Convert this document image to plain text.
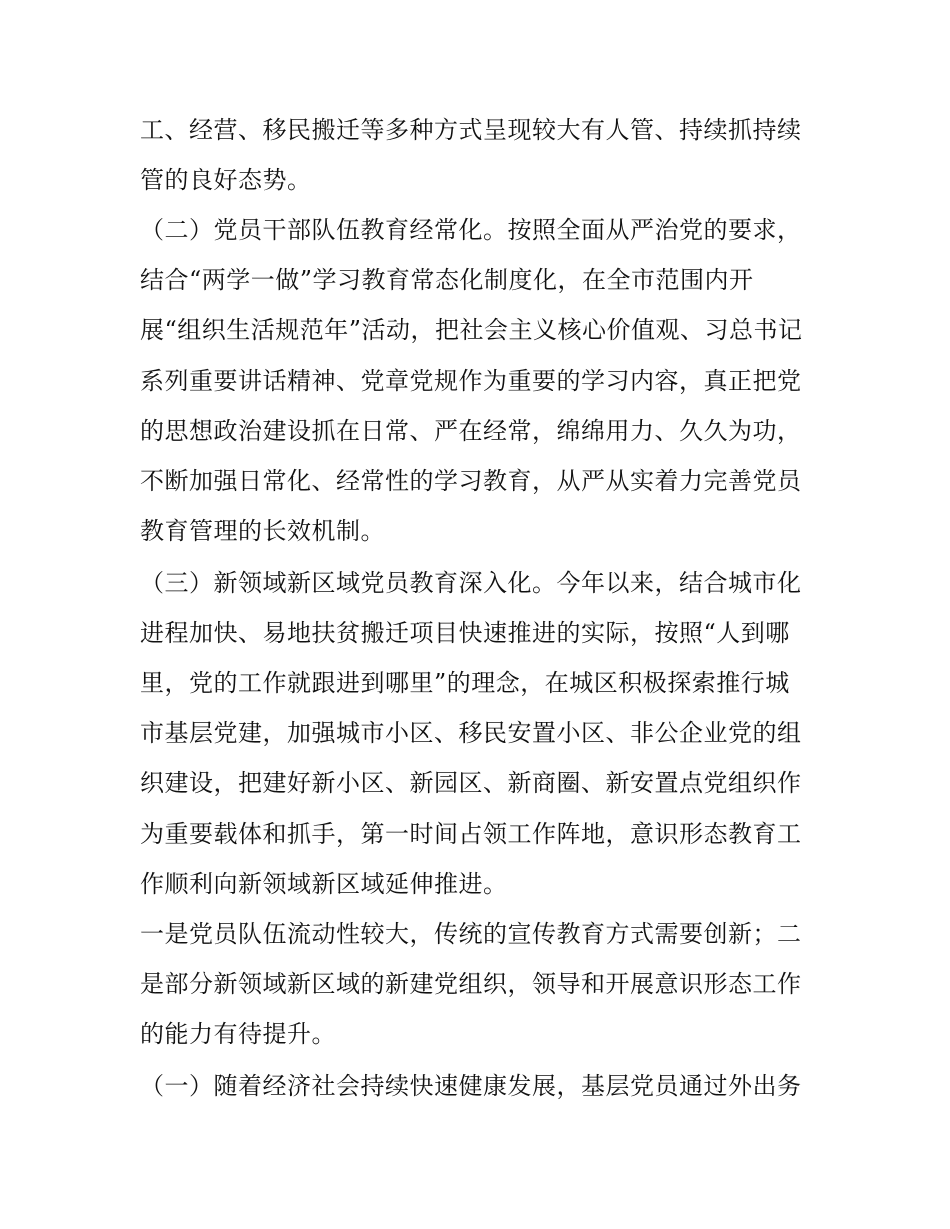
工、经营、移民搬迁等多种方式呈现较大有人管、持续抓持续
管的良好态势。
（二）党员干部队伍教育经常化。按照全面从严治党的要求，
结合“两学一做”学习教育常态化制度化，在全市范围内开
展“组织生活规范年”活动，把社会主义核心价值观、习总书记
系列重要讲话精神、党章党规作为重要的学习内容，真正把党
的思想政治建设抓在日常、严在经常，绵绵用力、久久为功，
不断加强日常化、经常性的学习教育，从严从实着力完善党员
教育管理的长效机制。
（三）新领域新区域党员教育深入化。今年以来，结合城市化
进程加快、易地扶贫搬迁项目快速推进的实际，按照“人到哪
里，党的工作就跟进到哪里”的理念，在城区积极探索推行城
市基层党建，加强城市小区、移民安置小区、非公企业党的组
织建设，把建好新小区、新园区、新商圈、新安置点党组织作
为重要载体和抓手，第一时间占领工作阵地，意识形态教育工
作顺利向新领域新区域延伸推进。
一是党员队伍流动性较大，传统的宣传教育方式需要创新；二
是部分新领域新区域的新建党组织，领导和开展意识形态工作
的能力有待提升。
（一）随着经济社会持续快速健康发展，基层党员通过外出务
